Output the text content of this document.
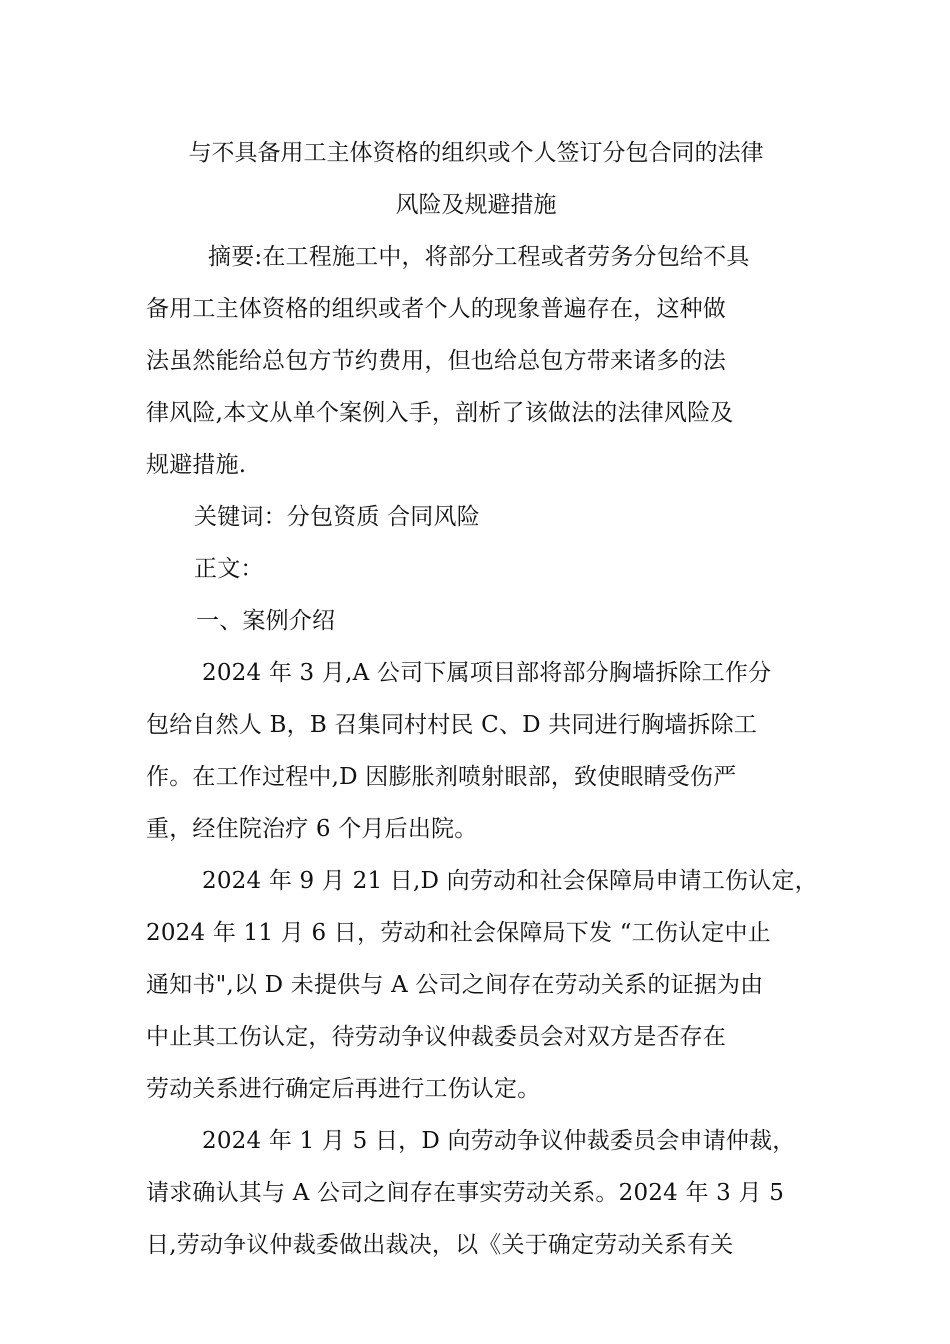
与不具备用工主体资格的组织或个人签订分包合同的法律
风险及规避措施
摘要:在工程施工中，将部分工程或者劳务分包给不具
备用工主体资格的组织或者个人的现象普遍存在，这种做
法虽然能给总包方节约费用，但也给总包方带来诸多的法
律风险,本文从单个案例入手，剖析了该做法的法律风险及
规避措施.
关键词：分包资质 合同风险
正文：
一、案例介绍
2024 年 3 月,A 公司下属项目部将部分胸墙拆除工作分
包给自然人 B，B 召集同村村民 C、D 共同进行胸墙拆除工
作。在工作过程中,D 因膨胀剂喷射眼部，致使眼睛受伤严
重，经住院治疗 6 个月后出院。
2024 年 9 月 21 日,D 向劳动和社会保障局申请工伤认定，
2024 年 11 月 6 日，劳动和社会保障局下发 “工伤认定中止
通知书",以 D 未提供与 A 公司之间存在劳动关系的证据为由
中止其工伤认定，待劳动争议仲裁委员会对双方是否存在
劳动关系进行确定后再进行工伤认定。
2024 年 1 月 5 日，D 向劳动争议仲裁委员会申请仲裁，
请求确认其与 A 公司之间存在事实劳动关系。2024 年 3 月 5
日,劳动争议仲裁委做出裁决，以《关于确定劳动关系有关
